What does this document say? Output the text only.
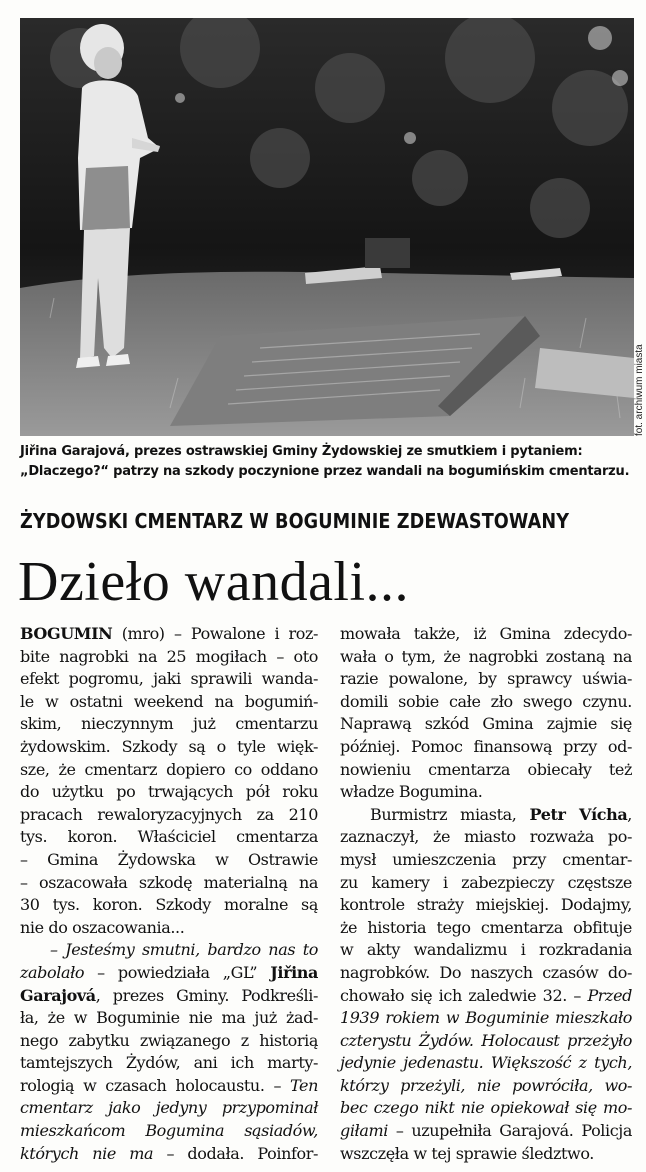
fot. archiwum miasta
Jiřina Garajová, prezes ostrawskiej Gminy Żydowskiej ze smutkiem i pytaniem: „Dlaczego?“ patrzy na szkody poczynione przez wandali na bogumińskim cmentarzu.
ŻYDOWSKI CMENTARZ W BOGUMINIE ZDEWASTOWANY
Dzieło wandali...
BOGUMIN (mro) – Powalone i roz-
bite nagrobki na 25 mogiłach – oto
efekt pogromu, jaki sprawili wanda-
le w ostatni weekend na bogumiń-
skim, nieczynnym już cmentarzu
żydowskim. Szkody są o tyle więk-
sze, że cmentarz dopiero co oddano
do użytku po trwających pół roku
pracach rewaloryzacyjnych za 210
tys. koron. Właściciel cmentarza
– Gmina Żydowska w Ostrawie
– oszacowała szkodę materialną na
30 tys. koron. Szkody moralne są
nie do oszacowania...
– Jesteśmy smutni, bardzo nas to
zabolało – powiedziała „GL” Jiřina
Garajová, prezes Gminy. Podkreśli-
ła, że w Boguminie nie ma już żad-
nego zabytku związanego z historią
tamtejszych Żydów, ani ich marty-
rologią w czasach holocaustu. – Ten
cmentarz jako jedyny przypominał
mieszkańcom Bogumina sąsiadów,
których nie ma – dodała. Poinfor-
mowała także, iż Gmina zdecydo-
wała o tym, że nagrobki zostaną na
razie powalone, by sprawcy uświa-
domili sobie całe zło swego czynu.
Naprawą szkód Gmina zajmie się
później. Pomoc finansową przy od-
nowieniu cmentarza obiecały też
władze Bogumina.
Burmistrz miasta, Petr Vícha,
zaznaczył, że miasto rozważa po-
mysł umieszczenia przy cmentar-
zu kamery i zabezpieczy częstsze
kontrole straży miejskiej. Dodajmy,
że historia tego cmentarza obfituje
w akty wandalizmu i rozkradania
nagrobków. Do naszych czasów do-
chowało się ich zaledwie 32. – Przed
1939 rokiem w Boguminie mieszkało
czterystu Żydów. Holocaust przeżyło
jedynie jedenastu. Większość z tych,
którzy przeżyli, nie powróciła, wo-
bec czego nikt nie opiekował się mo-
giłami – uzupełniła Garajová. Policja
wszczęła w tej sprawie śledztwo.
